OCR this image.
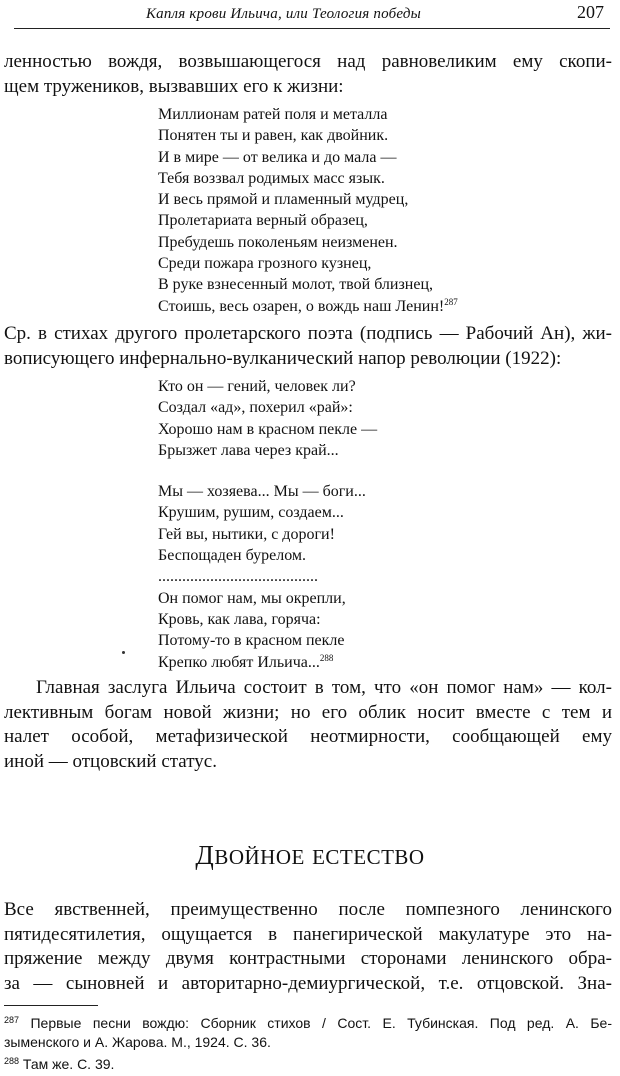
Капля крови Ильича, или Теология победы	207

ленностью вождя, возвышающегося над равновеликим ему скопи-
щем тружеников, вызвавших его к жизни:

Миллионам ратей поля и металла
Понятен ты и равен, как двойник.
И в мире — от велика и до мала —
Тебя воззвал родимых масс язык.
И весь прямой и пламенный мудрец,
Пролетариата верный образец,
Пребудешь поколеньям неизменен.
Среди пожара грозного кузнец,
В руке взнесенный молот, твой близнец,
Стоишь, весь озарен, о вождь наш Ленин!$^{287}$

Ср. в стихах другого пролетарского поэта (подпись — Рабочий Ан), жи-
вописующего инфернально-вулканический напор революции (1922):

Кто он — гений, человек ли?
Создал «ад», похерил «рай»:
Хорошо нам в красном пекле —
Брызжет лава через край...
Мы — хозяева... Мы — боги...
Крушим, рушим, создаем...
Гей вы, нытики, с дороги!
Беспощаден бурелом.
........................................
Он помог нам, мы окрепли,
Кровь, как лава, горяча:
Потому-то в красном пекле
Крепко любят Ильича...$^{288}$

Главная заслуга Ильича состоит в том, что «он помог нам» — кол-
лективным богам новой жизни; но его облик носит вместе с тем и
налет особой, метафизической неотмирности, сообщающей ему
иной — отцовский статус.

ДВОЙНОЕ ЕСТЕСТВО

Все явственней, преимущественно после помпезного ленинского
пятидесятилетия, ощущается в панегирической макулатуре это на-
пряжение между двумя контрастными сторонами ленинского обра-
за — сыновней и авторитарно-демиургической, т.е. отцовской. Зна-

$^{287}$ Первые песни вождю: Сборник стихов / Сост. Е. Тубинская. Под ред. А. Бе-
зыменского и А. Жарова. М., 1924. С. 36.
$^{288}$ Там же. С. 39.
